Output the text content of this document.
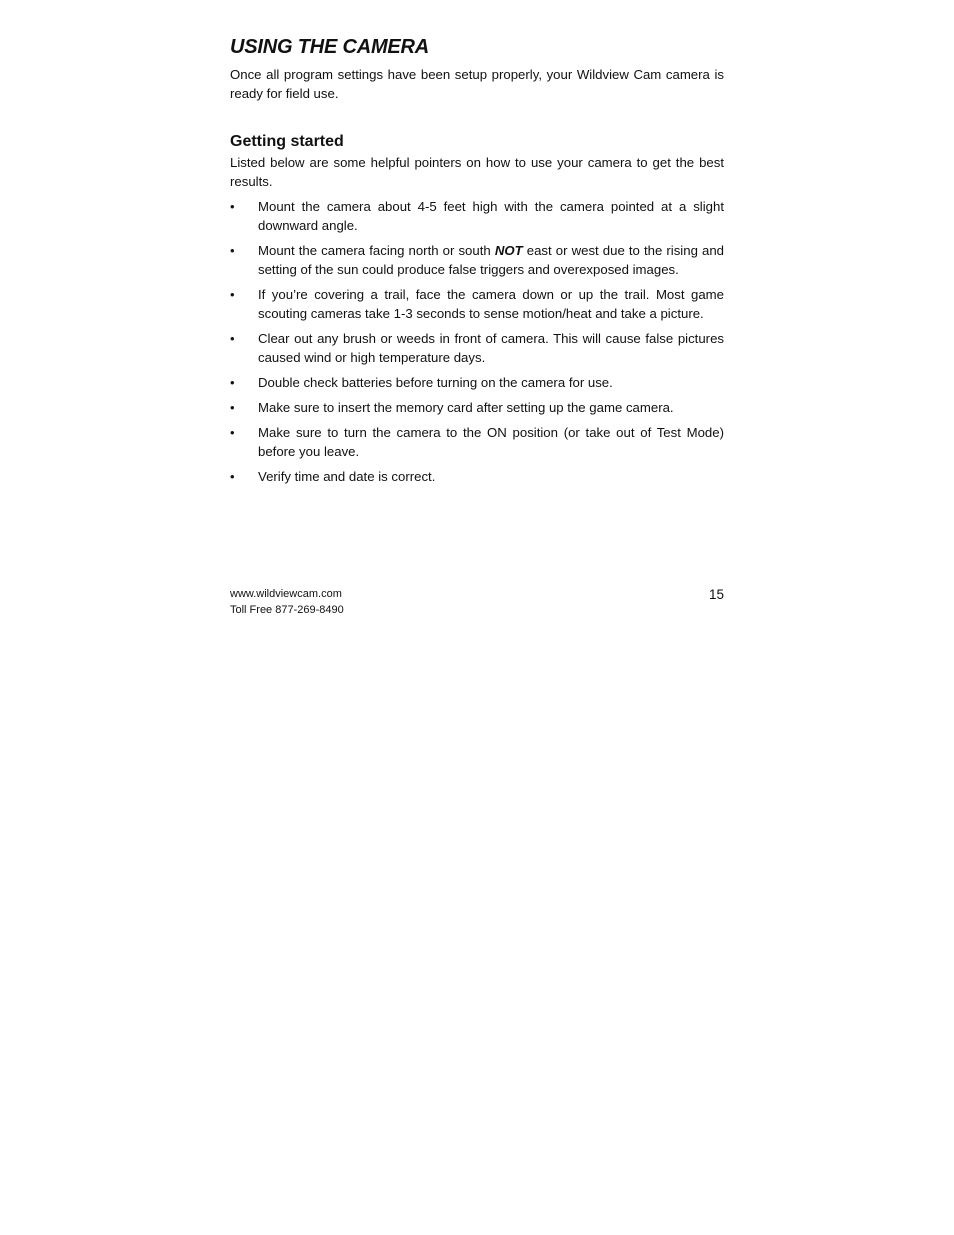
USING THE CAMERA

Once all program settings have been setup properly, your Wildview Cam camera is ready for field use.

Getting started

Listed below are some helpful pointers on how to use your camera to get the best results.

• Mount the camera about 4-5 feet high with the camera pointed at a slight downward angle.
• Mount the camera facing north or south NOT east or west due to the rising and setting of the sun could produce false triggers and overexposed images.
• If you’re covering a trail, face the camera down or up the trail. Most game scouting cameras take 1-3 seconds to sense motion/heat and take a picture.
• Clear out any brush or weeds in front of camera. This will cause false pictures caused wind or high temperature days.
• Double check batteries before turning on the camera for use.
• Make sure to insert the memory card after setting up the game camera.
• Make sure to turn the camera to the ON position (or take out of Test Mode) before you leave.
• Verify time and date is correct.
www.wildviewcam.com
Toll Free 877-269-8490
15
